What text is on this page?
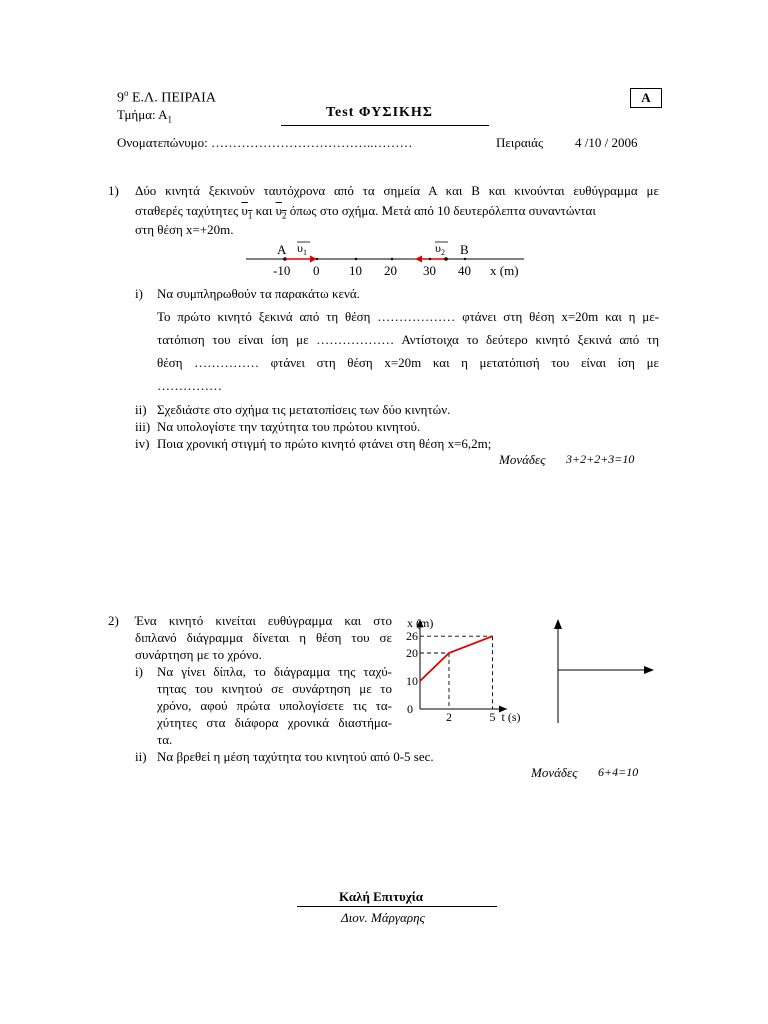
$9^o$ Ε.Λ. ΠΕΙΡΑΙΑ
Τμήμα: $A_1$	Test ΦΥΣΙΚΗΣ
Α
Ονοματεπώνυμο: ………………………………..………	Πειραιάς 4 /10 / 2006
1) Δύο κινητά ξεκινούν ταυτόχρονα από τα σημεία Α και Β και κινούνται ευθύγραμμα με
σταθερές ταχύτητες $\upsilon_1$ και $\upsilon_2$ όπως στο σχήμα. Μετά από 10 δευτερόλεπτα συναντώνται
στη θέση x=+20m.
Α $\upsilon_1$	$\upsilon_2$ Β
-10 0 10 20 30 40 x (m)
i) Να συμπληρωθούν τα παρακάτω κενά.
Το πρώτο κινητό ξεκινά από τη θέση ……………… φτάνει στη θέση x=20m και η με-
τατόπιση του είναι ίση με ……………… Αντίστοιχα το δεύτερο κινητό ξεκινά από τη
θέση …………… φτάνει στη θέση x=20m και η μετατόπισή του είναι ίση με
……………
ii) Σχεδιάστε στο σχήμα τις μετατοπίσεις των δύο κινητών.
iii) Να υπολογίστε την ταχύτητα του πρώτου κινητού.
iv) Ποια χρονική στιγμή το πρώτο κινητό φτάνει στη θέση x=6,2m;
Μονάδες 3+2+2+3=10
2) Ένα κινητό κινείται ευθύγραμμα και στο
διπλανό διάγραμμα δίνεται η θέση του σε
συνάρτηση με το χρόνο.
i) Να γίνει δίπλα, το διάγραμμα της ταχύ-
τητας του κινητού σε συνάρτηση με το
χρόνο, αφού πρώτα υπολογίσετε τις τα-
χύτητες στα διάφορα χρονικά διαστήμα-
τα.
ii) Να βρεθεί η μέση ταχύτητα του κινητού από 0-5 sec.
Μονάδες 6+4=10
10
20
26
2	5
0
x (m)
t (s)
Καλή Επιτυχία
Διον. Μάργαρης
